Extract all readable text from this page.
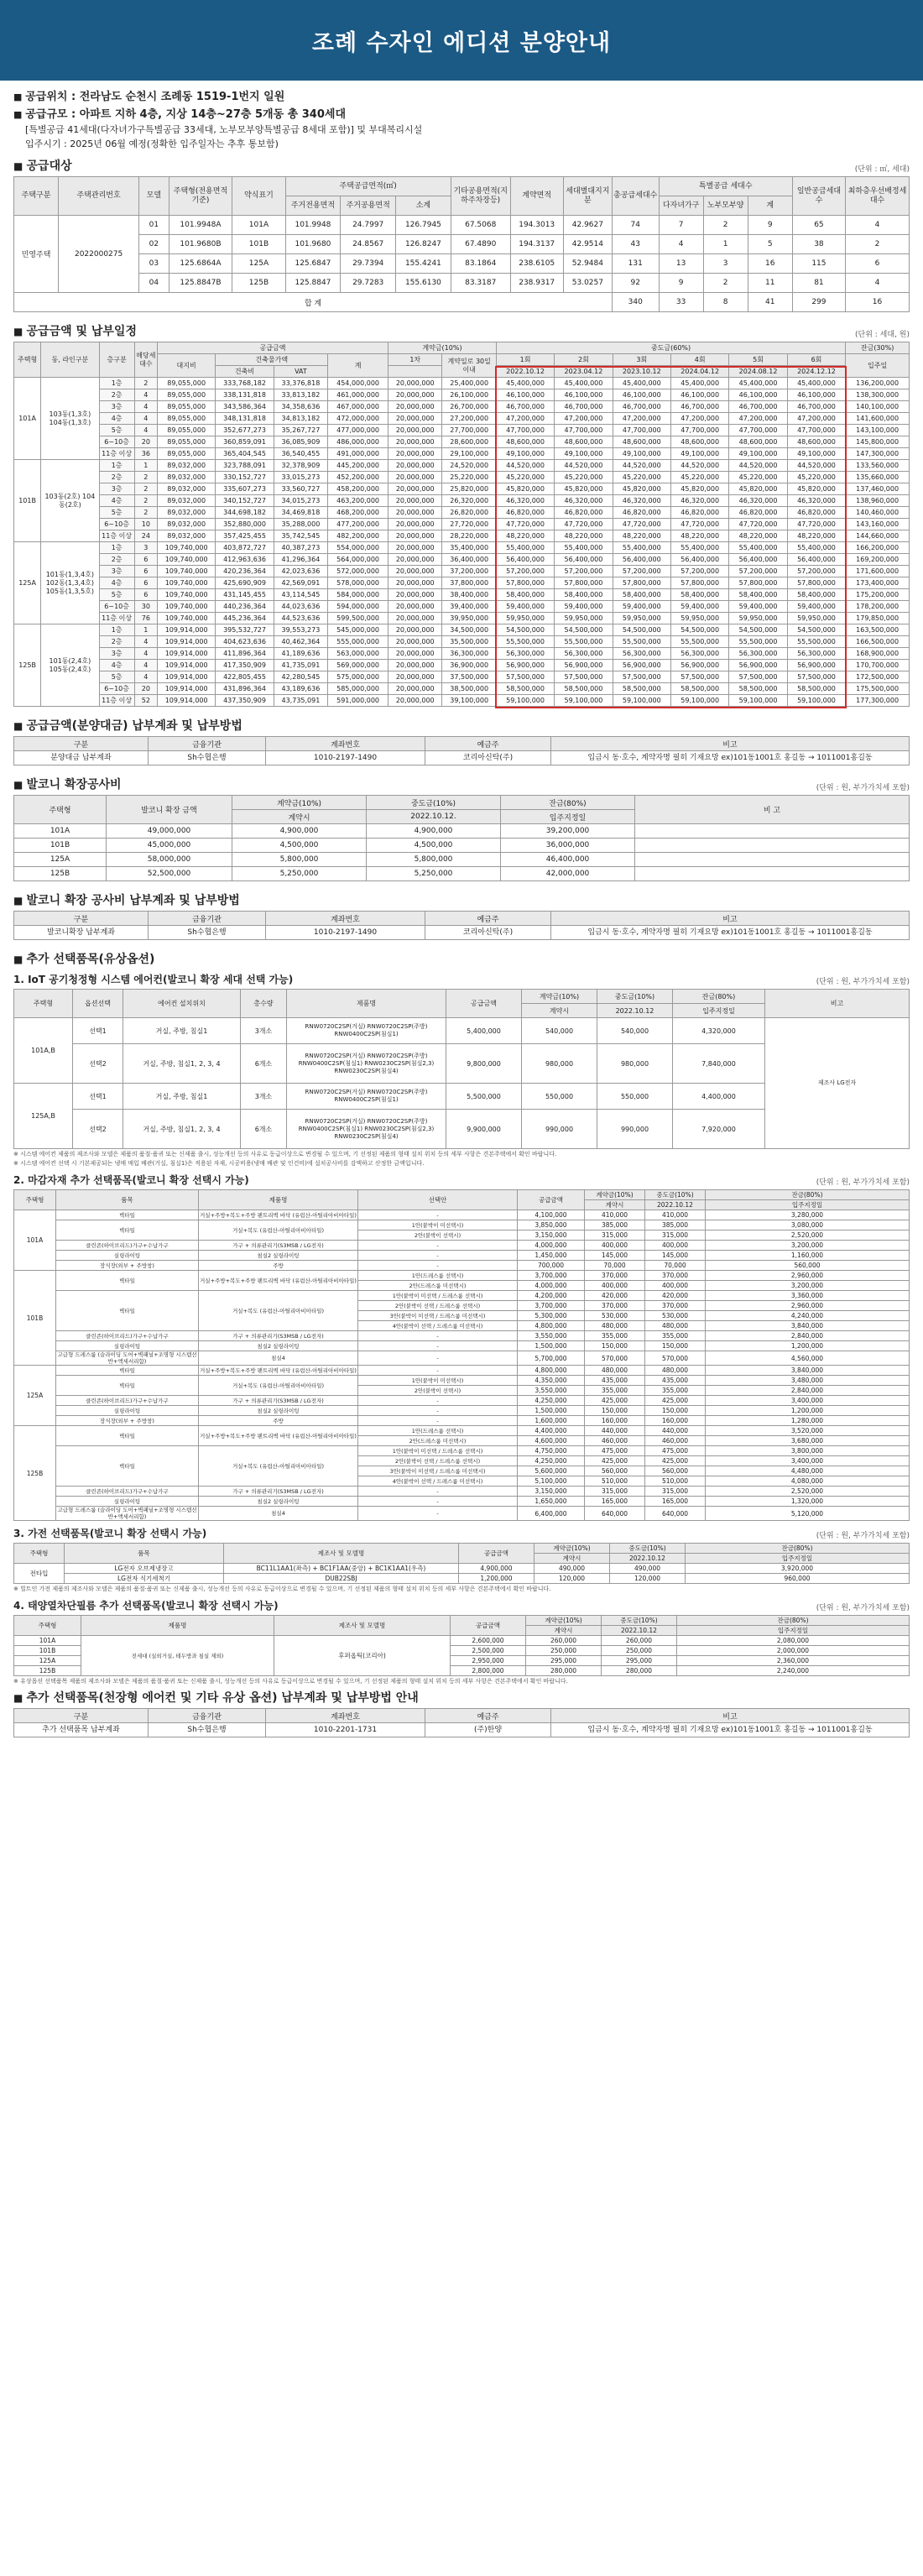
조례 수자인 에디션 분양안내
■ 공급위치 : 전라남도 순천시 조례동 1519-1번지 일원
■ 공급규모 : 아파트 지하 4층, 지상 14층~27층 5개동 총 340세대
[특별공급 41세대(다자녀가구특별공급 33세대, 노부모부양특별공급 8세대 포함)] 및 부대복리시설
입주시기 : 2025년 06월 예정(정확한 입주일자는 추후 통보함)
■ 공급대상	(단위 : ㎡, 세대)
주택구분	주택관리번호	모델	주택형(전용면적기준)	약식표기	주택공급면적(㎡)			기타공용면적(지하주차장등)	계약면적	세대별대지지분	총공급세대수	특별공급 세대수			일반공급세대수	최하층우선배정세대수
					주거전용면적	주거공용면적	소계					다자녀가구	노부모부양	계		
민영주택	2022000275	01	101.9948A	101A	101.9948	24.7997	126.7945	67.5068	194.3013	42.9627	74	7	2	9	65	4
		02	101.9680B	101B	101.9680	24.8567	126.8247	67.4890	194.3137	42.9514	43	4	1	5	38	2
		03	125.6864A	125A	125.6847	29.7394	155.4241	83.1864	238.6105	52.9484	131	13	3	16	115	6
		04	125.8847B	125B	125.8847	29.7283	155.6130	83.3187	238.9317	53.0257	92	9	2	11	81	4
합 계											340	33	8	41	299	16
■ 공급금액 및 납부일정	(단위 : 세대, 원)
주택형	동, 라인구분	층구분	해당세대수	공급금액				계약금(10%)		중도금(60%)						잔금(30%)
				대지비	건축물가액		계	1차	계약일로 30일 이내	1회	2회	3회	4회	5회	6회	입주일
					건축비	VAT				2022.10.12	2023.04.12	2023.10.12	2024.04.12	2024.08.12	2024.12.12	
101A	103동(1,3호) 104동(1,3호)	1층	2	89,055,000	333,768,182	33,376,818	454,000,000	20,000,000	25,400,000	45,400,000	45,400,000	45,400,000	45,400,000	45,400,000	45,400,000	136,200,000
		2층	4	89,055,000	338,131,818	33,813,182	461,000,000	20,000,000	26,100,000	46,100,000	46,100,000	46,100,000	46,100,000	46,100,000	46,100,000	138,300,000
		3층	4	89,055,000	343,586,364	34,358,636	467,000,000	20,000,000	26,700,000	46,700,000	46,700,000	46,700,000	46,700,000	46,700,000	46,700,000	140,100,000
		4층	4	89,055,000	348,131,818	34,813,182	472,000,000	20,000,000	27,200,000	47,200,000	47,200,000	47,200,000	47,200,000	47,200,000	47,200,000	141,600,000
		5층	4	89,055,000	352,677,273	35,267,727	477,000,000	20,000,000	27,700,000	47,700,000	47,700,000	47,700,000	47,700,000	47,700,000	47,700,000	143,100,000
		6~10층	20	89,055,000	360,859,091	36,085,909	486,000,000	20,000,000	28,600,000	48,600,000	48,600,000	48,600,000	48,600,000	48,600,000	48,600,000	145,800,000
		11층 이상	36	89,055,000	365,404,545	36,540,455	491,000,000	20,000,000	29,100,000	49,100,000	49,100,000	49,100,000	49,100,000	49,100,000	49,100,000	147,300,000
101B	103동(2호) 104동(2호)	1층	1	89,032,000	323,788,091	32,378,909	445,200,000	20,000,000	24,520,000	44,520,000	44,520,000	44,520,000	44,520,000	44,520,000	44,520,000	133,560,000
		2층	2	89,032,000	330,152,727	33,015,273	452,200,000	20,000,000	25,220,000	45,220,000	45,220,000	45,220,000	45,220,000	45,220,000	45,220,000	135,660,000
		3층	2	89,032,000	335,607,273	33,560,727	458,200,000	20,000,000	25,820,000	45,820,000	45,820,000	45,820,000	45,820,000	45,820,000	45,820,000	137,460,000
		4층	2	89,032,000	340,152,727	34,015,273	463,200,000	20,000,000	26,320,000	46,320,000	46,320,000	46,320,000	46,320,000	46,320,000	46,320,000	138,960,000
		5층	2	89,032,000	344,698,182	34,469,818	468,200,000	20,000,000	26,820,000	46,820,000	46,820,000	46,820,000	46,820,000	46,820,000	46,820,000	140,460,000
		6~10층	10	89,032,000	352,880,000	35,288,000	477,200,000	20,000,000	27,720,000	47,720,000	47,720,000	47,720,000	47,720,000	47,720,000	47,720,000	143,160,000
		11층 이상	24	89,032,000	357,425,455	35,742,545	482,200,000	20,000,000	28,220,000	48,220,000	48,220,000	48,220,000	48,220,000	48,220,000	48,220,000	144,660,000
125A	101동(1,3,4호) 102동(1,3,4호) 105동(1,3,5호)	1층	3	109,740,000	403,872,727	40,387,273	554,000,000	20,000,000	35,400,000	55,400,000	55,400,000	55,400,000	55,400,000	55,400,000	55,400,000	166,200,000
		2층	6	109,740,000	412,963,636	41,296,364	564,000,000	20,000,000	36,400,000	56,400,000	56,400,000	56,400,000	56,400,000	56,400,000	56,400,000	169,200,000
		3층	6	109,740,000	420,236,364	42,023,636	572,000,000	20,000,000	37,200,000	57,200,000	57,200,000	57,200,000	57,200,000	57,200,000	57,200,000	171,600,000
		4층	6	109,740,000	425,690,909	42,569,091	578,000,000	20,000,000	37,800,000	57,800,000	57,800,000	57,800,000	57,800,000	57,800,000	57,800,000	173,400,000
		5층	6	109,740,000	431,145,455	43,114,545	584,000,000	20,000,000	38,400,000	58,400,000	58,400,000	58,400,000	58,400,000	58,400,000	58,400,000	175,200,000
		6~10층	30	109,740,000	440,236,364	44,023,636	594,000,000	20,000,000	39,400,000	59,400,000	59,400,000	59,400,000	59,400,000	59,400,000	59,400,000	178,200,000
		11층 이상	76	109,740,000	445,236,364	44,523,636	599,500,000	20,000,000	39,950,000	59,950,000	59,950,000	59,950,000	59,950,000	59,950,000	59,950,000	179,850,000
125B	101동(2,4호) 105동(2,4호)	1층	1	109,914,000	395,532,727	39,553,273	545,000,000	20,000,000	34,500,000	54,500,000	54,500,000	54,500,000	54,500,000	54,500,000	54,500,000	163,500,000
		2층	4	109,914,000	404,623,636	40,462,364	555,000,000	20,000,000	35,500,000	55,500,000	55,500,000	55,500,000	55,500,000	55,500,000	55,500,000	166,500,000
		3층	4	109,914,000	411,896,364	41,189,636	563,000,000	20,000,000	36,300,000	56,300,000	56,300,000	56,300,000	56,300,000	56,300,000	56,300,000	168,900,000
		4층	4	109,914,000	417,350,909	41,735,091	569,000,000	20,000,000	36,900,000	56,900,000	56,900,000	56,900,000	56,900,000	56,900,000	56,900,000	170,700,000
		5층	4	109,914,000	422,805,455	42,280,545	575,000,000	20,000,000	37,500,000	57,500,000	57,500,000	57,500,000	57,500,000	57,500,000	57,500,000	172,500,000
		6~10층	20	109,914,000	431,896,364	43,189,636	585,000,000	20,000,000	38,500,000	58,500,000	58,500,000	58,500,000	58,500,000	58,500,000	58,500,000	175,500,000
		11층 이상	52	109,914,000	437,350,909	43,735,091	591,000,000	20,000,000	39,100,000	59,100,000	59,100,000	59,100,000	59,100,000	59,100,000	59,100,000	177,300,000
■ 공급금액(분양대금) 납부계좌 및 납부방법
구분	금융기관	계좌번호	예금주	비고
분양대금 납부계좌	Sh수협은행	1010-2197-1490	코리아신탁(주)	입금시 동·호수, 계약자명 필히 기재요망 ex)101동1001호 홍길동 → 1011001홍길동
■ 발코니 확장공사비	(단위 : 원, 부가가치세 포함)
주택형	발코니 확장 금액	계약금(10%)	중도금(10%)	잔금(80%)	비 고
		계약시	2022.10.12.	입주지정일	
101A	49,000,000	4,900,000	4,900,000	39,200,000	
101B	45,000,000	4,500,000	4,500,000	36,000,000	
125A	58,000,000	5,800,000	5,800,000	46,400,000	
125B	52,500,000	5,250,000	5,250,000	42,000,000	
■ 발코니 확장 공사비 납부계좌 및 납부방법
구분	금융기관	계좌번호	예금주	비고
발코니확장 납부계좌	Sh수협은행	1010-2197-1490	코리아신탁(주)	입금시 동·호수, 계약자명 필히 기재요망 ex)101동1001호 홍길동 → 1011001홍길동
■ 추가 선택품목(유상옵션)
1. IoT 공기청정형 시스템 에어컨(발코니 확장 세대 선택 가능)	(단위 : 원, 부가가치세 포함)
주택형	옵션선택	에어컨 설치위치	총수량	제품명	공급금액	계약금(10%)	중도금(10%)	잔금(80%)	비고
						계약시	2022.10.12	입주지정일	
101A,B	선택1	거실, 주방, 침실1	3개소	RNW0720C2SP(거실) RNW0720C2SP(주방) RNW0400C2SP(침실1)	5,400,000	540,000	540,000	4,320,000	제조사 LG전자
	선택2	거실, 주방, 침실1, 2, 3, 4	6개소	RNW0720C2SP(거실) RNW0720C2SP(주방) RNW0400C2SP(침실1) RNW0230C2SP(침실2,3) RNW0230C2SP(침실4)	9,800,000	980,000	980,000	7,840,000	
125A,B	선택1	거실, 주방, 침실1	3개소	RNW0720C2SP(거실) RNW0720C2SP(주방) RNW0400C2SP(침실1)	5,500,000	550,000	550,000	4,400,000	
	선택2	거실, 주방, 침실1, 2, 3, 4	6개소	RNW0720C2SP(거실) RNW0720C2SP(주방) RNW0400C2SP(침실1) RNW0230C2SP(침실2,3) RNW0230C2SP(침실4)	9,900,000	990,000	990,000	7,920,000	
※ 시스템 에어컨 제품의 제조사와 모델은 제품의 품절·품귀 또는 신제품 출시, 성능개선 등의 사유로 동급이상으로 변경될 수 있으며, 기 선정된 제품의 형태 설치 위치 등의 세부 사항은 견본주택에서 확인 바랍니다.
※ 시스템 에어컨 선택 시 기본제공되는 냉매 매입 배관(거실, 침실1)은 적용된 자재, 시공비용(냉매 배관 및 인건비)에 설치공사비를 감액하고 산정한 금액입니다.
2. 마감자재 추가 선택품목(발코니 확장 선택시 가능)	(단위 : 원, 부가가치세 포함)
주택형	품목	제품명	선택안	공급금액	계약금(10%)	중도금(10%)	잔금(80%)
					계약시	2022.10.12	입주지정일
101A	벽타일	거실+주방+복도+주방 팬트리벽 바닥 (유럽산-아틸리아비아타일)	-	4,100,000	410,000	410,000	3,280,000
	벽타일	거실+복도 (유럽산-아틸리아비아타일)	1안(붙박이 미선택시)	3,850,000	385,000	385,000	3,080,000
			2안(붙박이 선택시)	3,150,000	315,000	315,000	2,520,000
	클린존(하이브리드)가구+수납가구	가구 + 의류관리기(S3MSB / LG전자)	-	4,000,000	400,000	400,000	3,200,000
	실링라이팅	침실2 실링라이팅	-	1,450,000	145,000	145,000	1,160,000
	장식장(외부 + 주방창)	주방	-	700,000	70,000	70,000	560,000
101B	벽타일	거실+주방+복도+주방 팬트리벽 바닥 (유럽산-아틸리아비아타일)	1안(드레스룸 선택시)	3,700,000	370,000	370,000	2,960,000
			2안(드레스룸 미선택시)	4,000,000	400,000	400,000	3,200,000
	벽타일	거실+복도 (유럽산-아틸리아비아타일)	1안(붙박이 미선택 / 드레스룸 선택시)	4,200,000	420,000	420,000	3,360,000
			2안(붙박이 선택 / 드레스룸 선택시)	3,700,000	370,000	370,000	2,960,000
			3안(붙박이 미선택 / 드레스룸 미선택시)	5,300,000	530,000	530,000	4,240,000
			4안(붙박이 선택 / 드레스룸 미선택시)	4,800,000	480,000	480,000	3,840,000
	클린존(하이브리드)가구+수납가구	가구 + 의류관리기(S3MSB / LG전자)	-	3,550,000	355,000	355,000	2,840,000
	실링라이팅	침실2 실링라이팅	-	1,500,000	150,000	150,000	1,200,000
	고급형 드레스룸 (슬라이딩 도어+벽패널+조명형 시스템선반+액세서리함)	침실4	-	5,700,000	570,000	570,000	4,560,000
125A	벽타일	거실+주방+복도+주방 팬트리벽 바닥 (유럽산-아틸리아비아타일)	-	4,800,000	480,000	480,000	3,840,000
	벽타일	거실+복도 (유럽산-아틸리아비아타일)	1안(붙박이 미선택시)	4,350,000	435,000	435,000	3,480,000
			2안(붙박이 선택시)	3,550,000	355,000	355,000	2,840,000
	클린존(하이브리드)가구+수납가구	가구 + 의류관리기(S3MSB / LG전자)	-	4,250,000	425,000	425,000	3,400,000
	실링라이팅	침실2 실링라이팅	-	1,500,000	150,000	150,000	1,200,000
	장식장(외부 + 주방창)	주방	-	1,600,000	160,000	160,000	1,280,000
125B	벽타일	거실+주방+복도+주방 팬트리벽 바닥 (유럽산-아틸리아비아타일)	1안(드레스룸 선택시)	4,400,000	440,000	440,000	3,520,000
			2안(드레스룸 미선택시)	4,600,000	460,000	460,000	3,680,000
	벽타일	거실+복도 (유럽산-아틸리아비아타일)	1안(붙박이 미선택 / 드레스룸 선택시)	4,750,000	475,000	475,000	3,800,000
			2안(붙박이 선택 / 드레스룸 선택시)	4,250,000	425,000	425,000	3,400,000
			3안(붙박이 미선택 / 드레스룸 미선택시)	5,600,000	560,000	560,000	4,480,000
			4안(붙박이 선택 / 드레스룸 미선택시)	5,100,000	510,000	510,000	4,080,000
	클린존(하이브리드)가구+수납가구	가구 + 의류관리기(S3MSB / LG전자)	-	3,150,000	315,000	315,000	2,520,000
	실링라이팅	침실2 실링라이팅	-	1,650,000	165,000	165,000	1,320,000
	고급형 드레스룸 (슬라이딩 도어+벽패널+조명형 시스템선반+액세서리함)	침실4	-	6,400,000	640,000	640,000	5,120,000
3. 가전 선택품목(발코니 확장 선택시 가능)	(단위 : 원, 부가가치세 포함)
주택형	품목	제조사 및 모델명	공급금액	계약금(10%)	중도금(10%)	잔금(80%)
				계약시	2022.10.12	입주지정일
전타입	LG전자 오브제냉장고	BC11L1AA1(좌측) + BC1F1AA(중앙) + BC1K1AA1(우측)	4,900,000	490,000	490,000	3,920,000
	LG전자 식기세척기	DUB22SBJ	1,200,000	120,000	120,000	960,000
※ 빌트인 가전 제품의 제조사와 모델은 제품의 품절·품귀 또는 신제품 출시, 성능개선 등의 사유로 동급이상으로 변경될 수 있으며, 기 선정된 제품의 형태 설치 위치 등의 세부 사항은 견본주택에서 확인 바랍니다.
4. 태양열차단필름 추가 선택품목(발코니 확장 선택시 가능)	(단위 : 원, 부가가치세 포함)
주택형	제품명	제조사 및 모델명	공급금액	계약금(10%)	중도금(10%)	잔금(80%)
				계약시	2022.10.12	입주지정일
101A	전세대 (실외거실, 테두방과 침실 제외)	후퍼옵틱(코리아)	2,600,000	260,000	260,000	2,080,000
101B			2,500,000	250,000	250,000	2,000,000
125A			2,950,000	295,000	295,000	2,360,000
125B			2,800,000	280,000	280,000	2,240,000
※ 유상옵션 선택품목 제품의 제조사와 모델은 제품의 품절·품귀 또는 신제품 출시, 성능개선 등의 사유로 동급이상으로 변경될 수 있으며, 기 선정된 제품의 형태 설치 위치 등의 세부 사항은 견본주택에서 확인 바랍니다.
■ 추가 선택품목(천장형 에어컨 및 기타 유상 옵션) 납부계좌 및 납부방법 안내
구분	금융기관	계좌번호	예금주	비고
추가 선택품목 납부계좌	Sh수협은행	1010-2201-1731	(주)한양	입금시 동·호수, 계약자명 필히 기재요망 ex)101동1001호 홍길동 → 1011001홍길동
